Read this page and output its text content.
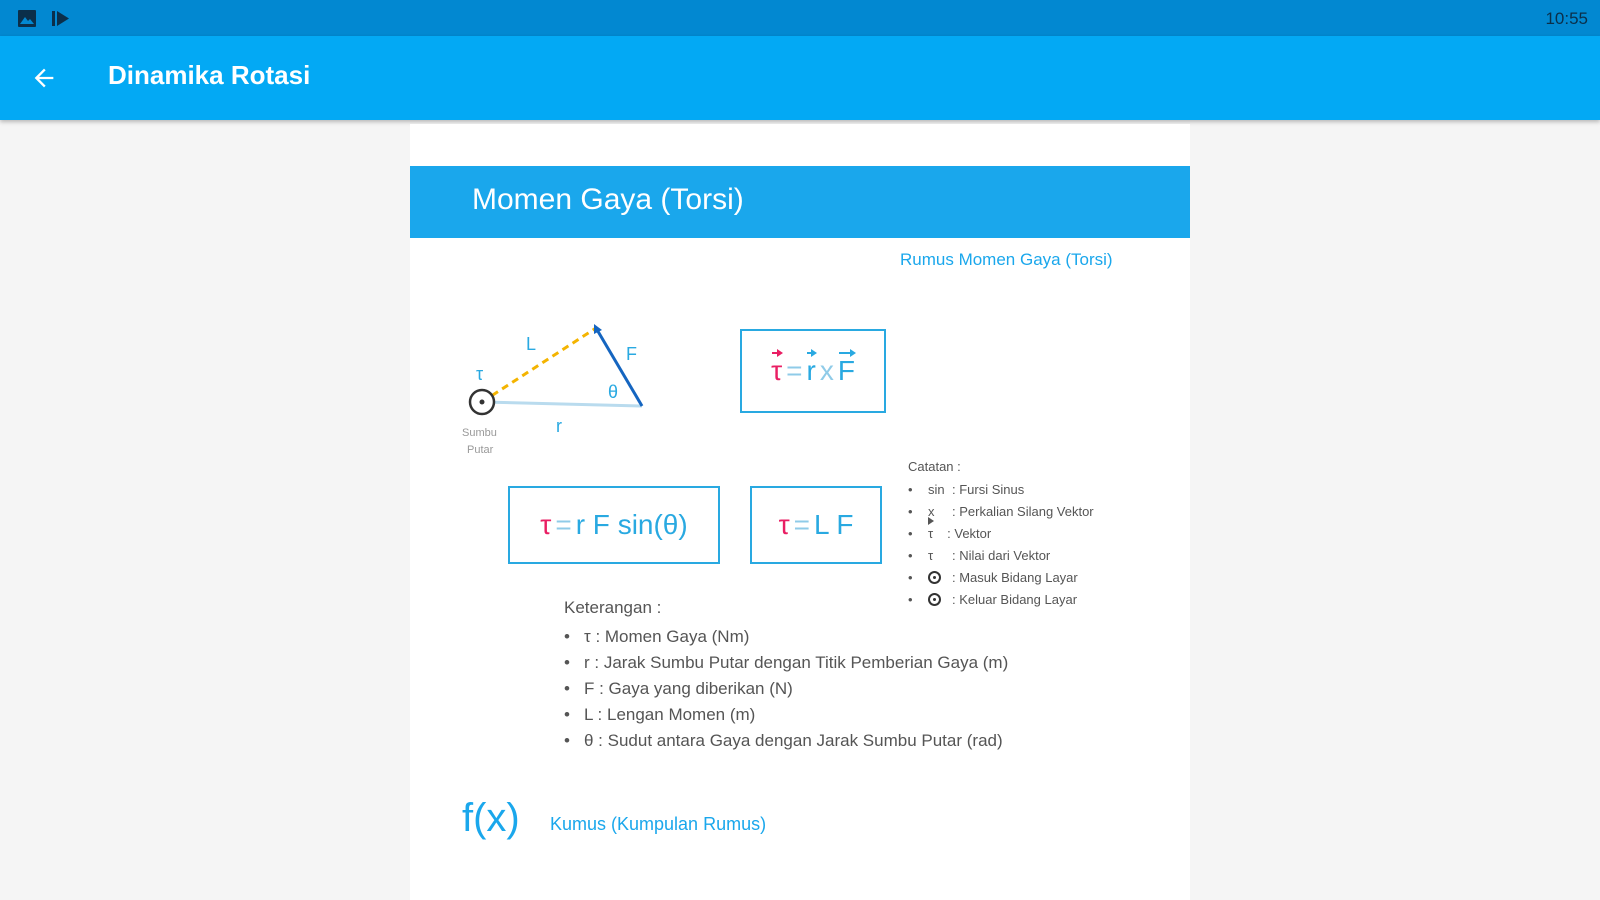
10:55
Dinamika Rotasi
Momen Gaya (Torsi)
Rumus Momen Gaya (Torsi)
L	F
τ
θ
r
Sumbu
Putar
τ = r x F
τ = r F sin(θ)	τ = L F
Catatan :
• sin : Fursi Sinus
• x : Perkalian Silang Vektor
• τ : Vektor
• τ : Nilai dari Vektor
• : Masuk Bidang Layar
• : Keluar Bidang Layar
Keterangan :
• τ : Momen Gaya (Nm)
• r : Jarak Sumbu Putar dengan Titik Pemberian Gaya (m)
• F : Gaya yang diberikan (N)
• L : Lengan Momen (m)
• θ : Sudut antara Gaya dengan Jarak Sumbu Putar (rad)
f(x) Kumus (Kumpulan Rumus)
